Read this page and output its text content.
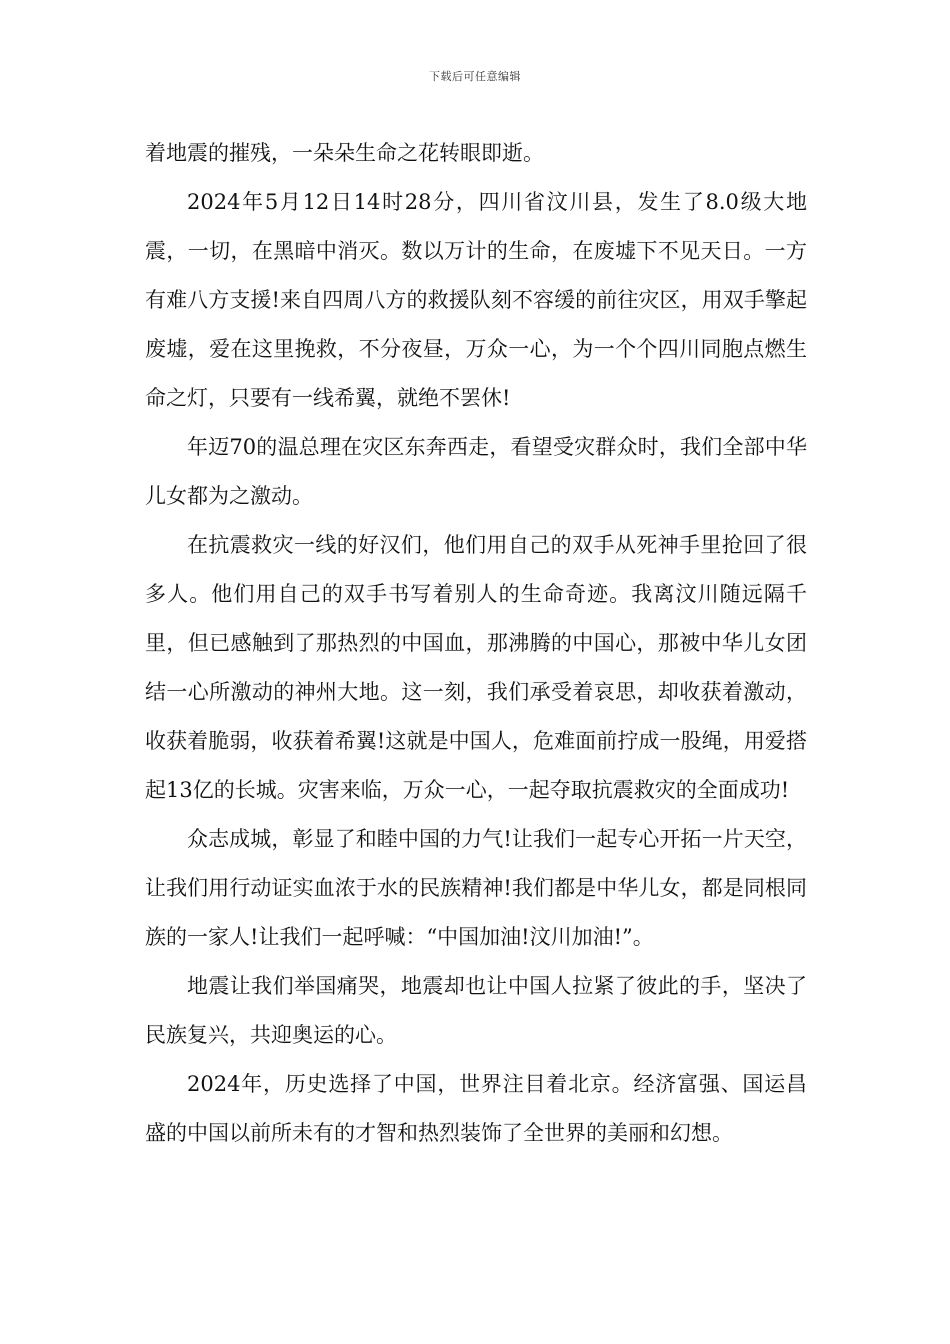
下载后可任意编辑

着地震的摧残，一朵朵生命之花转眼即逝。

2024年5月12日14时28分，四川省汶川县，发生了8.0级大地震，一切，在黑暗中消灭。数以万计的生命，在废墟下不见天日。一方有难八方支援!来自四周八方的救援队刻不容缓的前往灾区，用双手擎起废墟，爱在这里挽救，不分夜昼，万众一心，为一个个四川同胞点燃生命之灯，只要有一线希翼，就绝不罢休!

年迈70的温总理在灾区东奔西走，看望受灾群众时，我们全部中华儿女都为之激动。

在抗震救灾一线的好汉们，他们用自己的双手从死神手里抢回了很多人。他们用自己的双手书写着别人的生命奇迹。我离汶川随远隔千里，但已感触到了那热烈的中国血，那沸腾的中国心，那被中华儿女团结一心所激动的神州大地。这一刻，我们承受着哀思，却收获着激动，收获着脆弱，收获着希翼!这就是中国人，危难面前拧成一股绳，用爱搭起13亿的长城。灾害来临，万众一心，一起夺取抗震救灾的全面成功!

众志成城，彰显了和睦中国的力气!让我们一起专心开拓一片天空，让我们用行动证实血浓于水的民族精神!我们都是中华儿女，都是同根同族的一家人!让我们一起呼喊：“中国加油!汶川加油!”。

地震让我们举国痛哭，地震却也让中国人拉紧了彼此的手，坚决了民族复兴，共迎奥运的心。

2024年，历史选择了中国，世界注目着北京。经济富强、国运昌盛的中国以前所未有的才智和热烈装饰了全世界的美丽和幻想。
